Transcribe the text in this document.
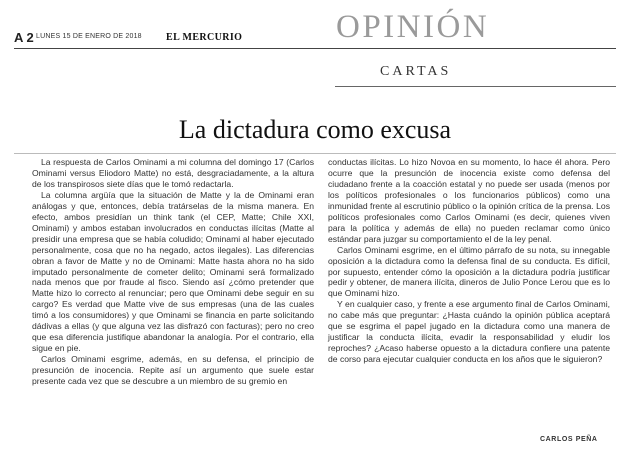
A 2 LUNES 15 DE ENERO DE 2018 EL MERCURIO	OPINIÓN
CARTAS
La dictadura como excusa

La respuesta de Carlos Ominami a mi columna del domingo 17 (Carlos Ominami versus Eliodoro Matte) no está, desgraciadamente, a la altura de los transpirosos siete días que le tomó redactarla.

La columna argüía que la situación de Matte y la de Ominami eran análogas y que, entonces, debía tratárselas de la misma manera. En efecto, ambos presidían un think tank (el CEP, Matte; Chile XXI, Ominami) y ambos estaban involucrados en conductas ilícitas (Matte al presidir una empresa que se había coludido; Ominami al haber ejecutado personalmente, cosa que no ha negado, actos ilegales). Las diferencias obran a favor de Matte y no de Ominami: Matte hasta ahora no ha sido imputado personalmente de cometer delito; Ominami será formalizado nada menos que por fraude al fisco. Siendo así ¿cómo pretender que Matte hizo lo correcto al renunciar; pero que Ominami debe seguir en su cargo? Es verdad que Matte vive de sus empresas (una de las cuales timó a los consumidores) y que Ominami se financia en parte solicitando dádivas a ellas (y que alguna vez las disfrazó con facturas); pero no creo que esa diferencia justifique abandonar la analogía. Por el contrario, ella sigue en pie.

Carlos Ominami esgrime, además, en su defensa, el principio de presunción de inocencia. Repite así un argumento que suele estar presente cada vez que se descubre a un miembro de su gremio en

conductas ilícitas. Lo hizo Novoa en su momento, lo hace él ahora. Pero ocurre que la presunción de inocencia existe como defensa del ciudadano frente a la coacción estatal y no puede ser usada (menos por los políticos profesionales o los funcionarios públicos) como una inmunidad frente al escrutinio público o la opinión crítica de la prensa. Los políticos profesionales como Carlos Ominami (es decir, quienes viven para la política y además de ella) no pueden reclamar como único estándar para juzgar su comportamiento el de la ley penal.

Carlos Ominami esgrime, en el último párrafo de su nota, su innegable oposición a la dictadura como la defensa final de su conducta. Es difícil, por supuesto, entender cómo la oposición a la dictadura podría justificar pedir y obtener, de manera ilícita, dineros de Julio Ponce Lerou que es lo que Ominami hizo.

Y en cualquier caso, y frente a ese argumento final de Carlos Ominami, no cabe más que preguntar: ¿Hasta cuándo la opinión pública aceptará que se esgrima el papel jugado en la dictadura como una manera de justificar la conducta ilícita, evadir la responsabilidad y eludir los reproches? ¿Acaso haberse opuesto a la dictadura confiere una patente de corso para ejecutar cualquier conducta en los años que le siguieron?

CARLOS PEÑA
